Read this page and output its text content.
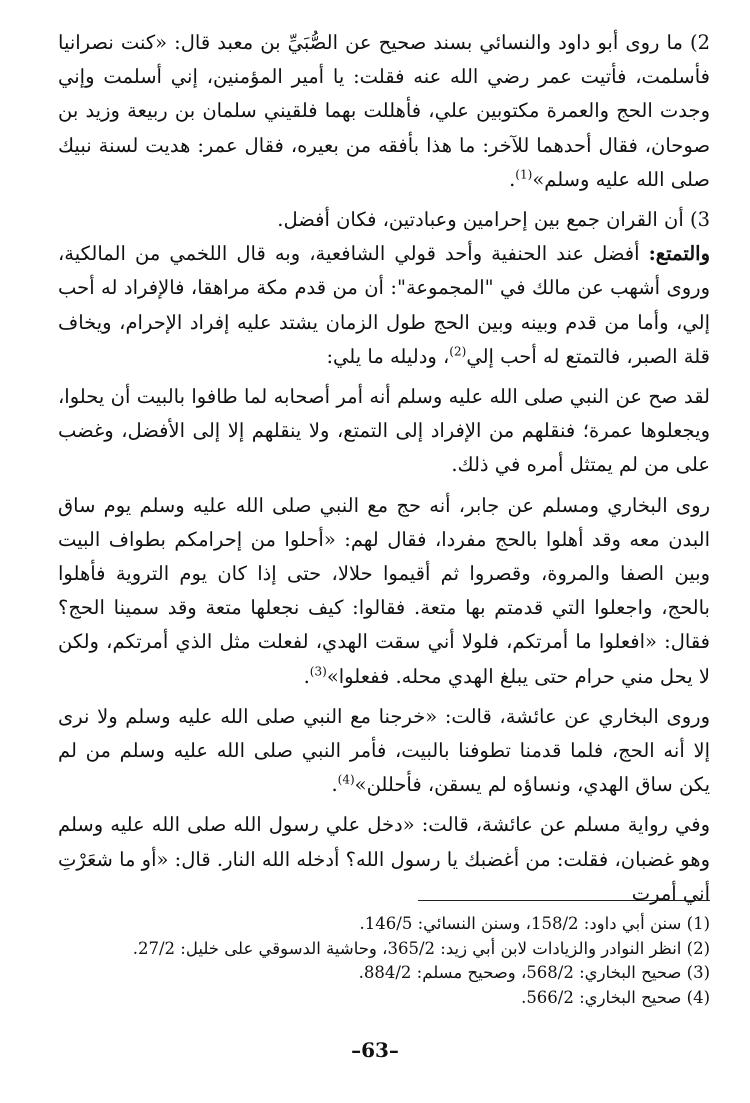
2) ما روى أبو داود والنسائي بسند صحيح عن الصُّبَيِّ بن معبد قال: «كنت نصرانيا فأسلمت، فأتيت عمر رضي الله عنه فقلت: يا أمير المؤمنين، إني أسلمت وإني وجدت الحج والعمرة مكتوبين علي، فأهللت بهما فلقيني سلمان بن ربيعة وزيد بن صوحان، فقال أحدهما للآخر: ما هذا بأفقه من بعيره، فقال عمر: هديت لسنة نبيك صلى الله عليه وسلم»$^{(1)}$.

3) أن القران جمع بين إحرامين وعبادتين، فكان أفضل.

والتمتع: أفضل عند الحنفية وأحد قولي الشافعية، وبه قال اللخمي من المالكية، وروى أشهب عن مالك في "المجموعة": أن من قدم مكة مراهقا، فالإفراد له أحب إلي، وأما من قدم وبينه وبين الحج طول الزمان يشتد عليه إفراد الإحرام، ويخاف قلة الصبر، فالتمتع له أحب إلي$^{(2)}$، ودليله ما يلي:

لقد صح عن النبي صلى الله عليه وسلم أنه أمر أصحابه لما طافوا بالبيت أن يحلوا، ويجعلوها عمرة؛ فنقلهم من الإفراد إلى التمتع، ولا ينقلهم إلا إلى الأفضل، وغضب على من لم يمتثل أمره في ذلك.

روى البخاري ومسلم عن جابر، أنه حج مع النبي صلى الله عليه وسلم يوم ساق البدن معه وقد أهلوا بالحج مفردا، فقال لهم: «أحلوا من إحرامكم بطواف البيت وبين الصفا والمروة، وقصروا ثم أقيموا حلالا، حتى إذا كان يوم التروية فأهلوا بالحج، واجعلوا التي قدمتم بها متعة. فقالوا: كيف نجعلها متعة وقد سمينا الحج؟ فقال: «افعلوا ما أمرتكم، فلولا أني سقت الهدي، لفعلت مثل الذي أمرتكم، ولكن لا يحل مني حرام حتى يبلغ الهدي محله. ففعلوا»$^{(3)}$.

وروى البخاري عن عائشة، قالت: «خرجنا مع النبي صلى الله عليه وسلم ولا نرى إلا أنه الحج، فلما قدمنا تطوفنا بالبيت، فأمر النبي صلى الله عليه وسلم من لم يكن ساق الهدي، ونساؤه لم يسقن، فأحللن»$^{(4)}$.

وفي رواية مسلم عن عائشة، قالت: «دخل علي رسول الله صلى الله عليه وسلم وهو غضبان، فقلت: من أغضبك يا رسول الله؟ أدخله الله النار. قال: «أو ما شعَرْتِ أني أمرت

(1) سنن أبي داود: 158/2، وسنن النسائي: 146/5.

(2) انظر النوادر والزيادات لابن أبي زيد: 365/2، وحاشية الدسوقي على خليل: 27/2.

(3) صحيح البخاري: 568/2، وصحيح مسلم: 884/2.

(4) صحيح البخاري: 566/2.

–63–
